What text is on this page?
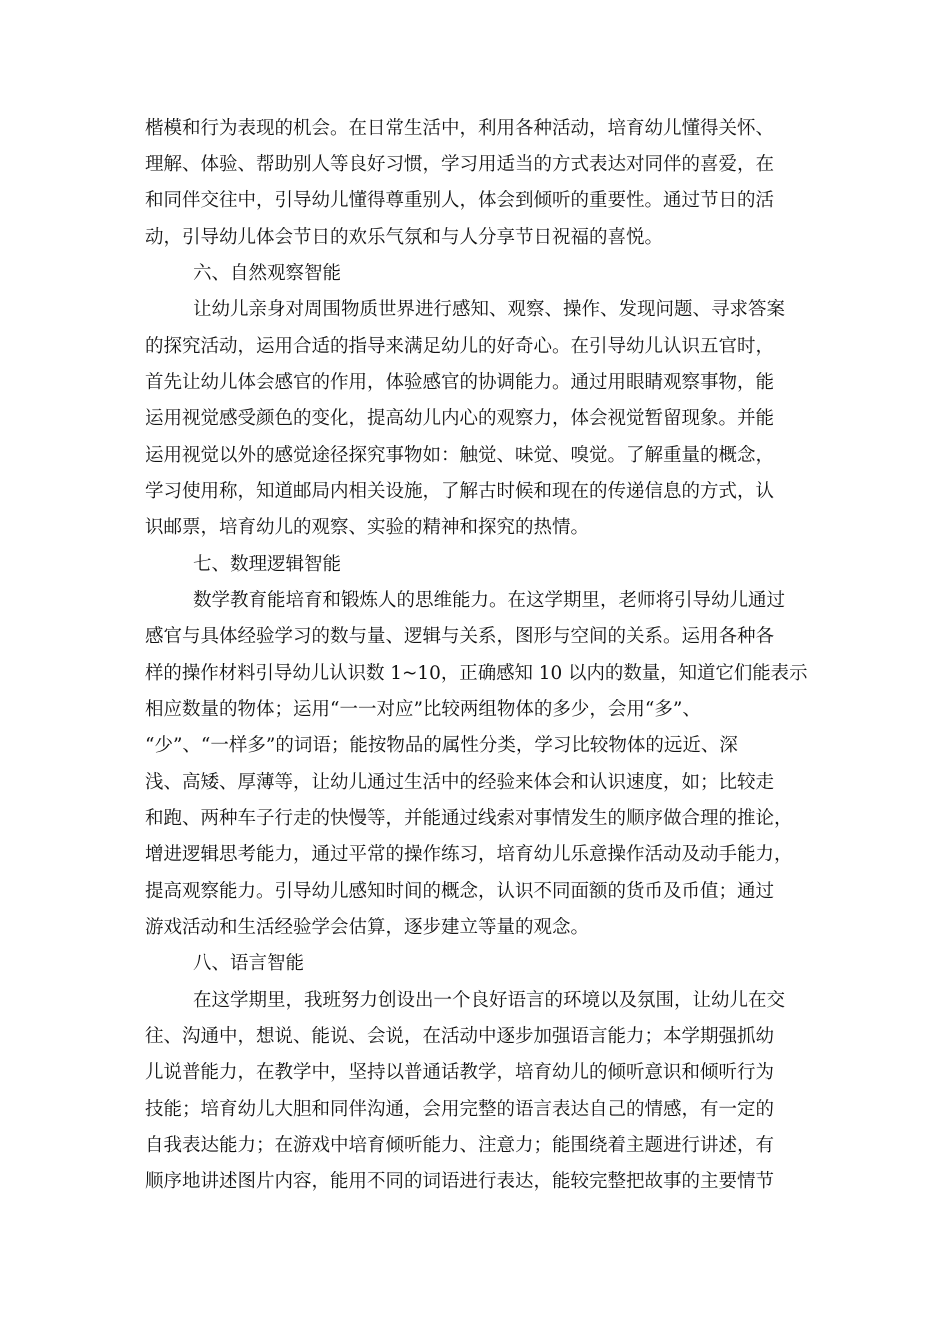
楷模和行为表现的机会。在日常生活中，利用各种活动，培育幼儿懂得关怀、
理解、体验、帮助别人等良好习惯，学习用适当的方式表达对同伴的喜爱，在
和同伴交往中，引导幼儿懂得尊重别人，体会到倾听的重要性。通过节日的活
动，引导幼儿体会节日的欢乐气氛和与人分享节日祝福的喜悦。
六、自然观察智能
让幼儿亲身对周围物质世界进行感知、观察、操作、发现问题、寻求答案
的探究活动，运用合适的指导来满足幼儿的好奇心。在引导幼儿认识五官时，
首先让幼儿体会感官的作用，体验感官的协调能力。通过用眼睛观察事物，能
运用视觉感受颜色的变化，提高幼儿内心的观察力，体会视觉暂留现象。并能
运用视觉以外的感觉途径探究事物如：触觉、味觉、嗅觉。了解重量的概念，
学习使用称，知道邮局内相关设施，了解古时候和现在的传递信息的方式，认
识邮票，培育幼儿的观察、实验的精神和探究的热情。
七、数理逻辑智能
数学教育能培育和锻炼人的思维能力。在这学期里，老师将引导幼儿通过
感官与具体经验学习的数与量、逻辑与关系，图形与空间的关系。运用各种各
样的操作材料引导幼儿认识数 1~10，正确感知 10 以内的数量，知道它们能表示
相应数量的物体；运用“一一对应”比较两组物体的多少，会用“多”、
“少”、“一样多”的词语；能按物品的属性分类，学习比较物体的远近、深
浅、高矮、厚薄等，让幼儿通过生活中的经验来体会和认识速度，如；比较走
和跑、两种车子行走的快慢等，并能通过线索对事情发生的顺序做合理的推论，
增进逻辑思考能力，通过平常的操作练习，培育幼儿乐意操作活动及动手能力，
提高观察能力。引导幼儿感知时间的概念，认识不同面额的货币及币值；通过
游戏活动和生活经验学会估算，逐步建立等量的观念。
八、语言智能
在这学期里，我班努力创设出一个良好语言的环境以及氛围，让幼儿在交
往、沟通中，想说、能说、会说，在活动中逐步加强语言能力；本学期强抓幼
儿说普能力，在教学中，坚持以普通话教学，培育幼儿的倾听意识和倾听行为
技能；培育幼儿大胆和同伴沟通，会用完整的语言表达自己的情感，有一定的
自我表达能力；在游戏中培育倾听能力、注意力；能围绕着主题进行讲述，有
顺序地讲述图片内容，能用不同的词语进行表达，能较完整把故事的主要情节
